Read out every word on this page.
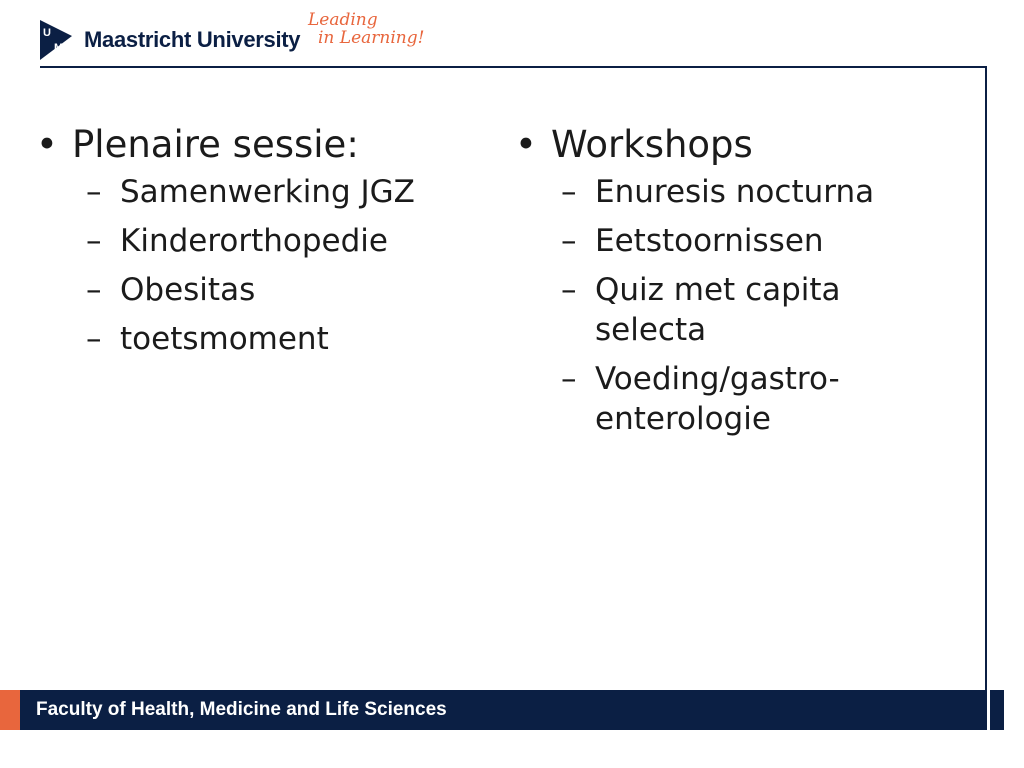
U
M Maastricht University
Leading
in Learning!
• Plenaire sessie:
– Samenwerking JGZ
– Kinderorthopedie
– Obesitas
– toetsmoment
• Workshops
– Enuresis nocturna
– Eetstoornissen
– Quiz met capita selecta
– Voeding/gastro-enterologie
Faculty of Health, Medicine and Life Sciences
